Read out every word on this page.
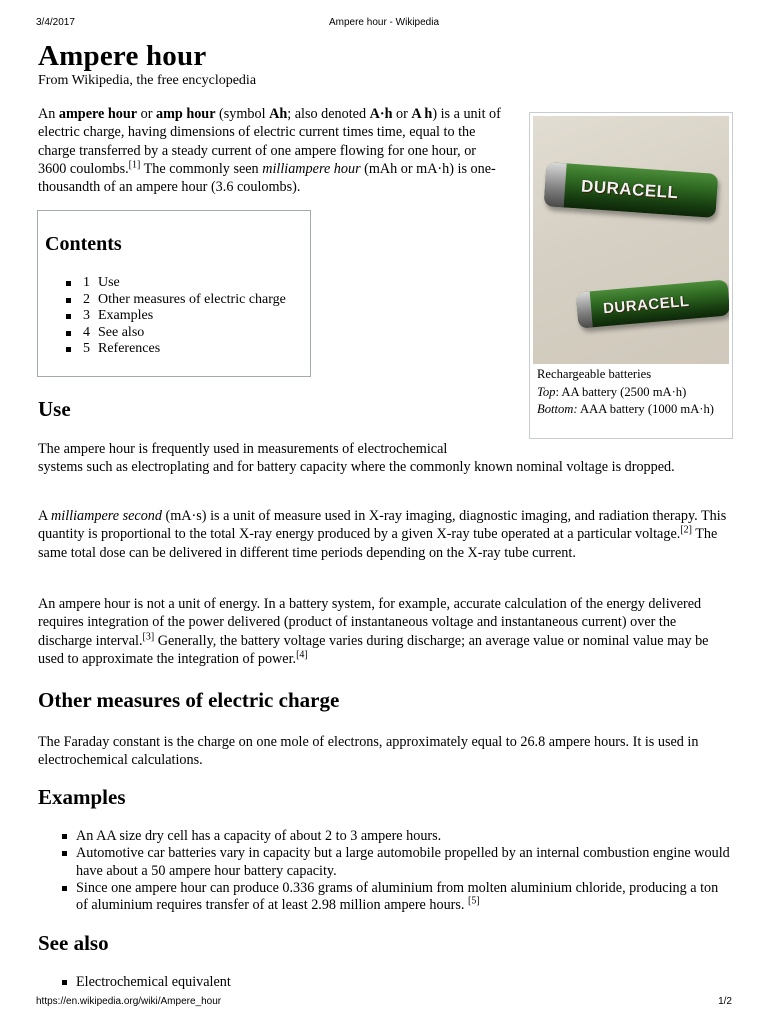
3/4/2017	Ampere hour - Wikipedia
Ampere hour
From Wikipedia, the free encyclopedia

An ampere hour or amp hour (symbol Ah; also denoted A·h or A h) is a unit of electric charge, having dimensions of electric current times time, equal to the charge transferred by a steady current of one ampere flowing for one hour, or 3600 coulombs.[1] The commonly seen milliampere hour (mAh or mA·h) is one-thousandth of an ampere hour (3.6 coulombs).

Contents
1 Use
2 Other measures of electric charge
3 Examples
4 See also
5 References
DURACELL
DURACELL
Rechargeable batteries
Top: AA battery (2500 mA·h)
Bottom: AAA battery (1000 mA·h)
Use

The ampere hour is frequently used in measurements of electrochemical
systems such as electroplating and for battery capacity where the commonly known nominal voltage is dropped.

A milliampere second (mA·s) is a unit of measure used in X-ray imaging, diagnostic imaging, and radiation therapy. This quantity is proportional to the total X-ray energy produced by a given X-ray tube operated at a particular voltage.[2] The same total dose can be delivered in different time periods depending on the X-ray tube current.

An ampere hour is not a unit of energy. In a battery system, for example, accurate calculation of the energy delivered requires integration of the power delivered (product of instantaneous voltage and instantaneous current) over the discharge interval.[3] Generally, the battery voltage varies during discharge; an average value or nominal value may be used to approximate the integration of power.[4]

Other measures of electric charge

The Faraday constant is the charge on one mole of electrons, approximately equal to 26.8 ampere hours. It is used in electrochemical calculations.

Examples
An AA size dry cell has a capacity of about 2 to 3 ampere hours.
Automotive car batteries vary in capacity but a large automobile propelled by an internal combustion engine would have about a 50 ampere hour battery capacity.
Since one ampere hour can produce 0.336 grams of aluminium from molten aluminium chloride, producing a ton of aluminium requires transfer of at least 2.98 million ampere hours. [5]
See also
Electrochemical equivalent
https://en.wikipedia.org/wiki/Ampere_hour	1/2
